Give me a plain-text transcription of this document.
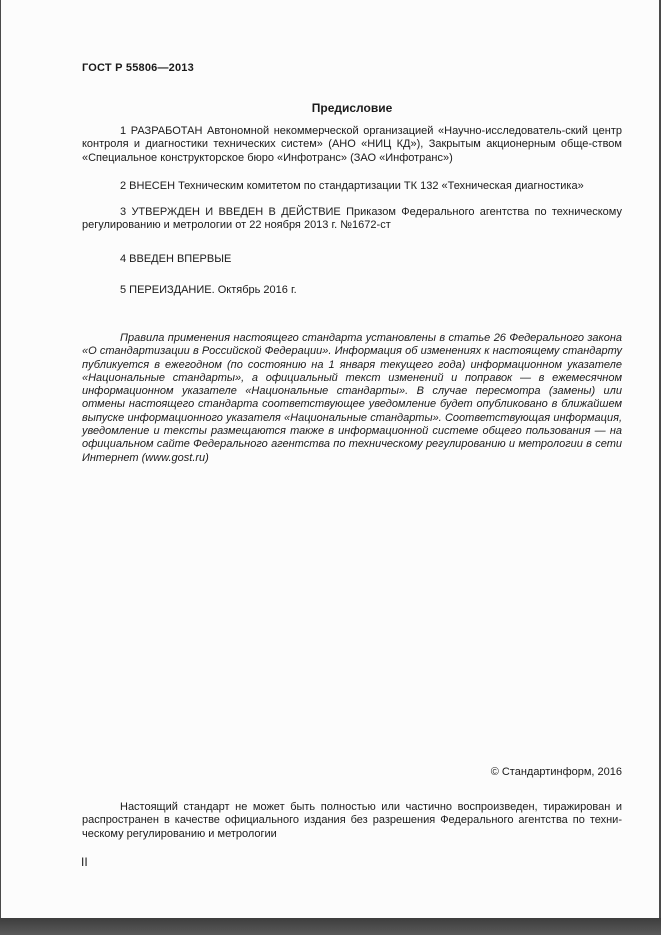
ГОСТ Р 55806—2013
Предисловие

1 РАЗРАБОТАН Автономной некоммерческой организацией «Научно-исследователь-ский центр контроля и диагностики технических систем» (АНО «НИЦ КД»), Закрытым акционерным обще-ством «Специальное конструкторское бюро «Инфотранс» (ЗАО «Инфотранс»)

2 ВНЕСЕН Техническим комитетом по стандартизации ТК 132 «Техническая диагностика»

3 УТВЕРЖДЕН И ВВЕДЕН В ДЕЙСТВИЕ Приказом Федерального агентства по техническому регулированию и метрологии от 22 ноября 2013 г. №1672-ст

4 ВВЕДЕН ВПЕРВЫЕ

5 ПЕРЕИЗДАНИЕ. Октябрь 2016 г.

Правила применения настоящего стандарта установлены в статье 26 Федерального закона «О стандартизации в Российской Федерации». Информация об изменениях к настоящему стандарту публикуется в ежегодном (по состоянию на 1 января текущего года) информационном указателе «Национальные стандарты», а официальный текст изменений и поправок — в ежемесячном информационном указателе «Национальные стандарты». В случае пересмотра (замены) или отмены настоящего стандарта соответствующее уведомление будет опубликовано в ближайшем выпуске информационного указателя «Национальные стандарты». Соответствующая информация, уведомление и тексты размещаются также в информационной системе общего пользования — на официальном сайте Федерального агентства по техническому регулированию и метрологии в сети Интернет (www.gost.ru)

© Стандартинформ, 2016

Настоящий стандарт не может быть полностью или частично воспроизведен, тиражирован и распространен в качестве официального издания без разрешения Федерального агентства по техни-ческому регулированию и метрологии

II
